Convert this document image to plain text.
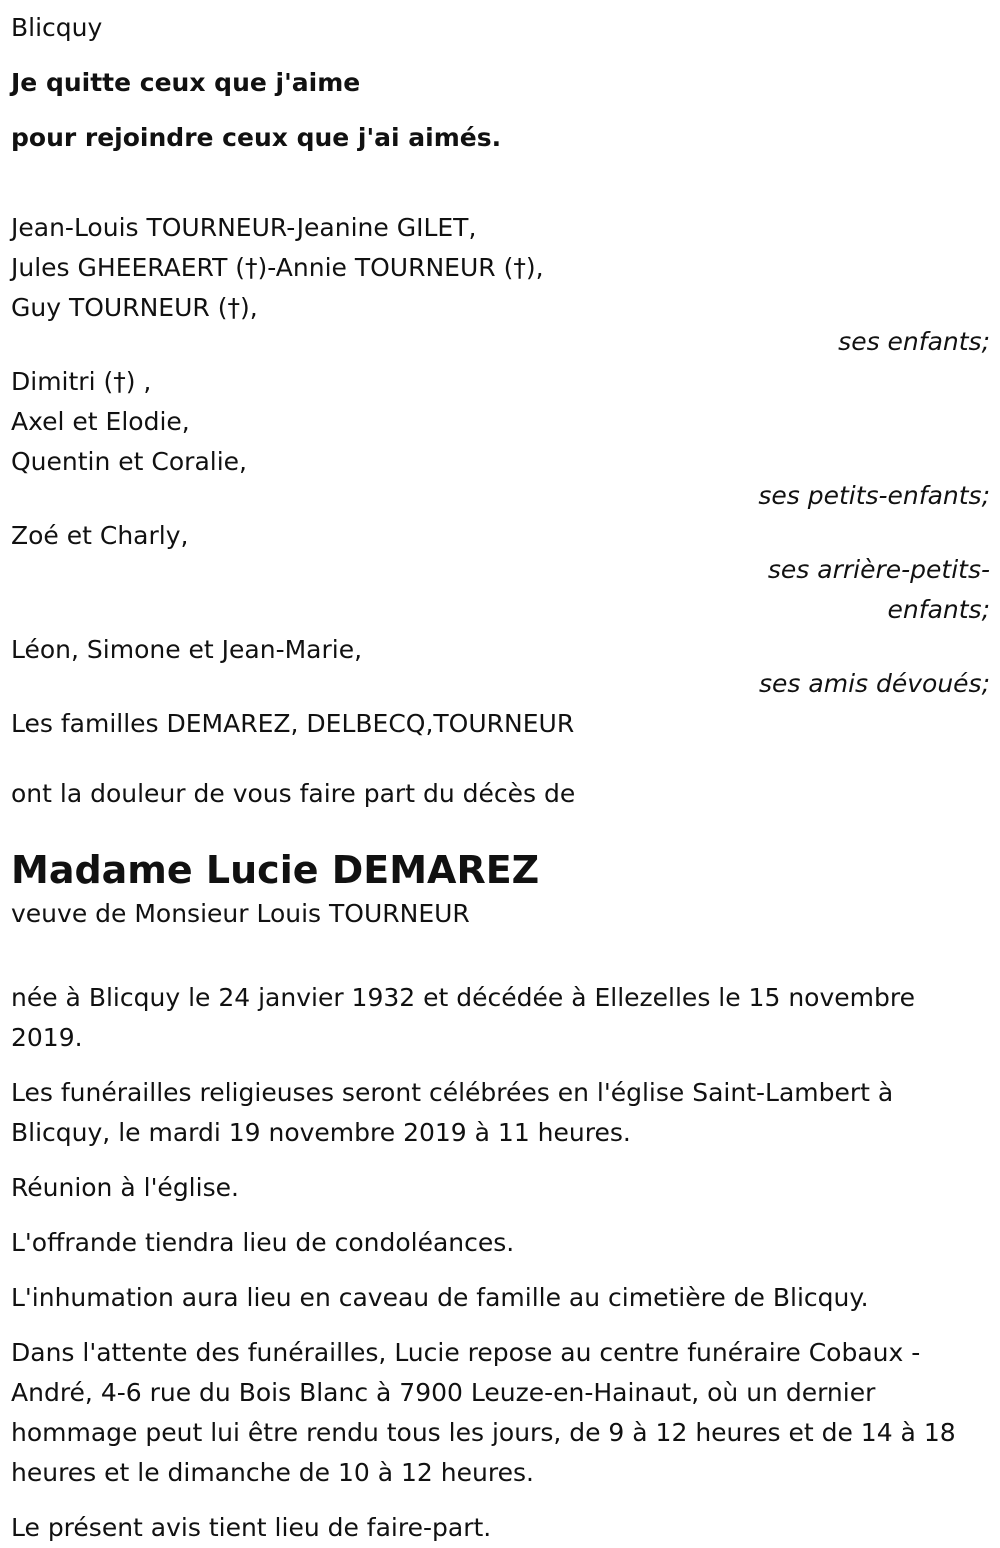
Blicquy
Je quitte ceux que j'aime
pour rejoindre ceux que j'ai aimés.
Jean-Louis TOURNEUR-Jeanine GILET,
Jules GHEERAERT (†)-Annie TOURNEUR (†),
Guy TOURNEUR (†),
ses enfants;
Dimitri (†) ,
Axel et Elodie,
Quentin et Coralie,
ses petits-enfants;
Zoé et Charly,
ses arrière-petits-enfants;
Léon, Simone et Jean-Marie,
ses amis dévoués;
Les familles DEMAREZ, DELBECQ,TOURNEUR
ont la douleur de vous faire part du décès de
Madame Lucie DEMAREZ
veuve de Monsieur Louis TOURNEUR
née à Blicquy le 24 janvier 1932 et décédée à Ellezelles le 15 novembre 2019.
Les funérailles religieuses seront célébrées en l'église Saint-Lambert à Blicquy, le mardi 19 novembre 2019 à 11 heures.
Réunion à l'église.
L'offrande tiendra lieu de condoléances.
L'inhumation aura lieu en caveau de famille au cimetière de Blicquy.
Dans l'attente des funérailles, Lucie repose au centre funéraire Cobaux - André, 4-6 rue du Bois Blanc à 7900 Leuze-en-Hainaut, où un dernier hommage peut lui être rendu tous les jours, de 9 à 12 heures et de 14 à 18 heures et le dimanche de 10 à 12 heures.
Le présent avis tient lieu de faire-part.
